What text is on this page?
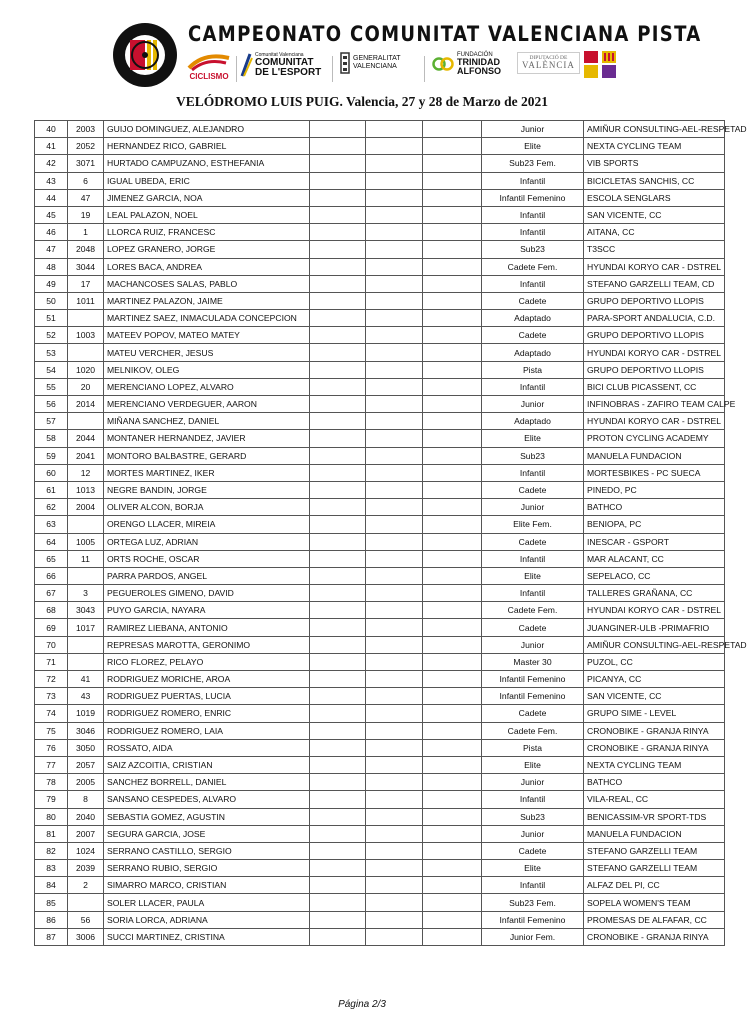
CAMPEONATO COMUNITAT VALENCIANA PISTA
CICLISMO
Comunitat Valenciana
COMUNITAT
DE L'ESPORT
GENERALITAT
VALENCIANA
FUNDACIÓN
TRINIDAD
ALFONSO
DIPUTACIÓ DE
VALÈNCIA
VELÓDROMO LUIS PUIG. Valencia, 27 y 28 de Marzo de 2021
40	2003	GUIJO DOMINGUEZ, ALEJANDRO				Junior	AMIÑUR CONSULTING-AEL-RESPETAD
41	2052	HERNANDEZ RICO, GABRIEL				Elite	NEXTA CYCLING TEAM
42	3071	HURTADO CAMPUZANO, ESTHEFANIA				Sub23 Fem.	VIB SPORTS
43	6	IGUAL UBEDA, ERIC				Infantil	BICICLETAS SANCHIS, CC
44	47	JIMENEZ GARCIA, NOA				Infantil Femenino	ESCOLA SENGLARS
45	19	LEAL PALAZON, NOEL				Infantil	SAN VICENTE, CC
46	1	LLORCA RUIZ, FRANCESC				Infantil	AITANA, CC
47	2048	LOPEZ GRANERO, JORGE				Sub23	T3SCC
48	3044	LORES BACA, ANDREA				Cadete Fem.	HYUNDAI KORYO CAR - DSTREL
49	17	MACHANCOSES SALAS, PABLO				Infantil	STEFANO GARZELLI TEAM, CD
50	1011	MARTINEZ PALAZON, JAIME				Cadete	GRUPO DEPORTIVO LLOPIS
51		MARTINEZ SAEZ, INMACULADA CONCEPCION				Adaptado	PARA-SPORT ANDALUCIA, C.D.
52	1003	MATEEV POPOV, MATEO MATEY				Cadete	GRUPO DEPORTIVO LLOPIS
53		MATEU VERCHER, JESUS				Adaptado	HYUNDAI KORYO CAR - DSTREL
54	1020	MELNIKOV, OLEG				Pista	GRUPO DEPORTIVO LLOPIS
55	20	MERENCIANO LOPEZ, ALVARO				Infantil	BICI CLUB PICASSENT, CC
56	2014	MERENCIANO VERDEGUER, AARON				Junior	INFINOBRAS - ZAFIRO TEAM CALPE
57		MIÑANA SANCHEZ, DANIEL				Adaptado	HYUNDAI KORYO CAR - DSTREL
58	2044	MONTANER HERNANDEZ, JAVIER				Elite	PROTON CYCLING ACADEMY
59	2041	MONTORO BALBASTRE, GERARD				Sub23	MANUELA FUNDACION
60	12	MORTES MARTINEZ, IKER				Infantil	MORTESBIKES - PC SUECA
61	1013	NEGRE BANDIN, JORGE				Cadete	PINEDO, PC
62	2004	OLIVER ALCON, BORJA				Junior	BATHCO
63		ORENGO LLACER, MIREIA				Elite Fem.	BENIOPA, PC
64	1005	ORTEGA LUZ, ADRIAN				Cadete	INESCAR - GSPORT
65	11	ORTS ROCHE, OSCAR				Infantil	MAR ALACANT, CC
66		PARRA PARDOS, ANGEL				Elite	SEPELACO, CC
67	3	PEGUEROLES GIMENO, DAVID				Infantil	TALLERES GRAÑANA, CC
68	3043	PUYO GARCIA, NAYARA				Cadete Fem.	HYUNDAI KORYO CAR - DSTREL
69	1017	RAMIREZ LIEBANA, ANTONIO				Cadete	JUANGINER-ULB -PRIMAFRIO
70		REPRESAS MAROTTA, GERONIMO				Junior	AMIÑUR CONSULTING-AEL-RESPETAD
71		RICO FLOREZ, PELAYO				Master 30	PUZOL, CC
72	41	RODRIGUEZ MORICHE, AROA				Infantil Femenino	PICANYA, CC
73	43	RODRIGUEZ PUERTAS, LUCIA				Infantil Femenino	SAN VICENTE, CC
74	1019	RODRIGUEZ ROMERO, ENRIC				Cadete	GRUPO SIME - LEVEL
75	3046	RODRIGUEZ ROMERO, LAIA				Cadete Fem.	CRONOBIKE - GRANJA RINYA
76	3050	ROSSATO, AIDA				Pista	CRONOBIKE - GRANJA RINYA
77	2057	SAIZ AZCOITIA, CRISTIAN				Elite	NEXTA CYCLING TEAM
78	2005	SANCHEZ BORRELL, DANIEL				Junior	BATHCO
79	8	SANSANO CESPEDES, ALVARO				Infantil	VILA-REAL, CC
80	2040	SEBASTIA GOMEZ, AGUSTIN				Sub23	BENICASSIM-VR SPORT-TDS
81	2007	SEGURA GARCIA, JOSE				Junior	MANUELA FUNDACION
82	1024	SERRANO CASTILLO, SERGIO				Cadete	STEFANO GARZELLI TEAM
83	2039	SERRANO RUBIO, SERGIO				Elite	STEFANO GARZELLI TEAM
84	2	SIMARRO MARCO, CRISTIAN				Infantil	ALFAZ DEL PI, CC
85		SOLER LLACER, PAULA				Sub23 Fem.	SOPELA WOMEN'S TEAM
86	56	SORIA LORCA, ADRIANA				Infantil Femenino	PROMESAS DE ALFAFAR, CC
87	3006	SUCCI MARTINEZ, CRISTINA				Junior Fem.	CRONOBIKE - GRANJA RINYA
Página 2/3
